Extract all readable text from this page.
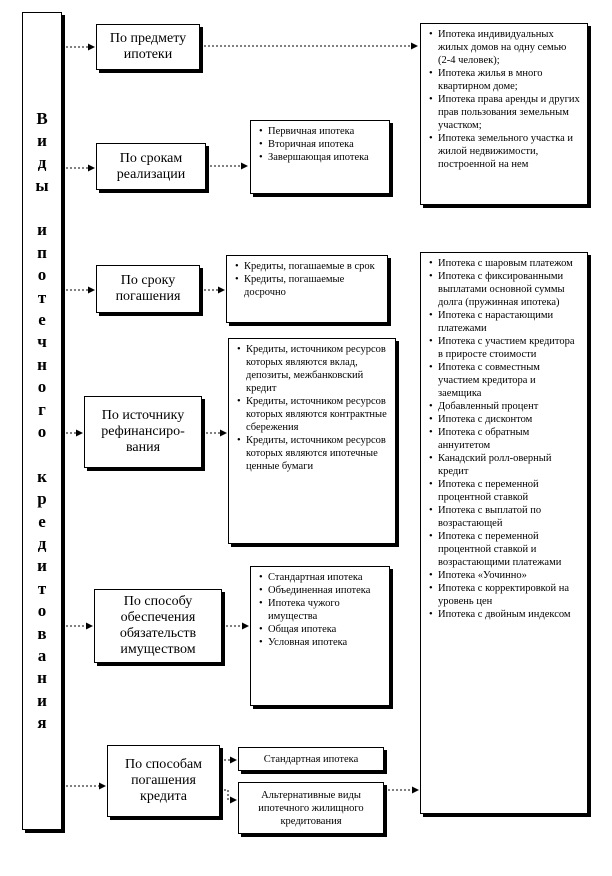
В
и
д
ы

и
п
о
т
е
ч
н
о
г
о

к
р
е
д
и
т
о
в
а
н
и
я
По предмету ипотеки
По срокам реализации
По сроку погашения
По источнику рефинансиро-вания
По способу обеспечения обязательств имуществом
По способам погашения кредита
• Ипотека индивидуальных жилых домов на одну семью (2-4 человек);
• Ипотека жилья в много квартирном доме;
• Ипотека права аренды и других прав пользования земельным участком;
• Ипотека земельного участка и жилой недвижимости, построенной на нем
• Первичная ипотека
• Вторичная ипотека
• Завершающая ипотека
• Кредиты, погашаемые в срок
• Кредиты, погашаемые досрочно
• Кредиты, источником ресурсов которых являются вклад, депозиты, межбанковский кредит
• Кредиты, источником ресурсов которых являются контрактные сбережения
• Кредиты, источником ресурсов которых являются ипотечные ценные бумаги
• Стандартная ипотека
• Объединенная ипотека
• Ипотека чужого имущества
• Общая ипотека
• Условная ипотека
Стандартная ипотека
Альтернативные виды ипотечного жилищного кредитования
• Ипотека с шаровым платежом
• Ипотека с фиксированными выплатами основной суммы долга (пружинная ипотека)
• Ипотека с нарастающими платежами
• Ипотека с участием кредитора в приросте стоимости
• Ипотека с совместным участием кредитора и заемщика
• Добавленный процент
• Ипотека с дисконтом
• Ипотека с обратным аннуитетом
• Канадский ролл-оверный кредит
• Ипотека с переменной процентной ставкой
• Ипотека с выплатой по возрастающей
• Ипотека с переменной процентной ставкой и возрастающими платежами
• Ипотека «Уочинно»
• Ипотека с корректировкой на уровень цен
• Ипотека с двойным индексом
